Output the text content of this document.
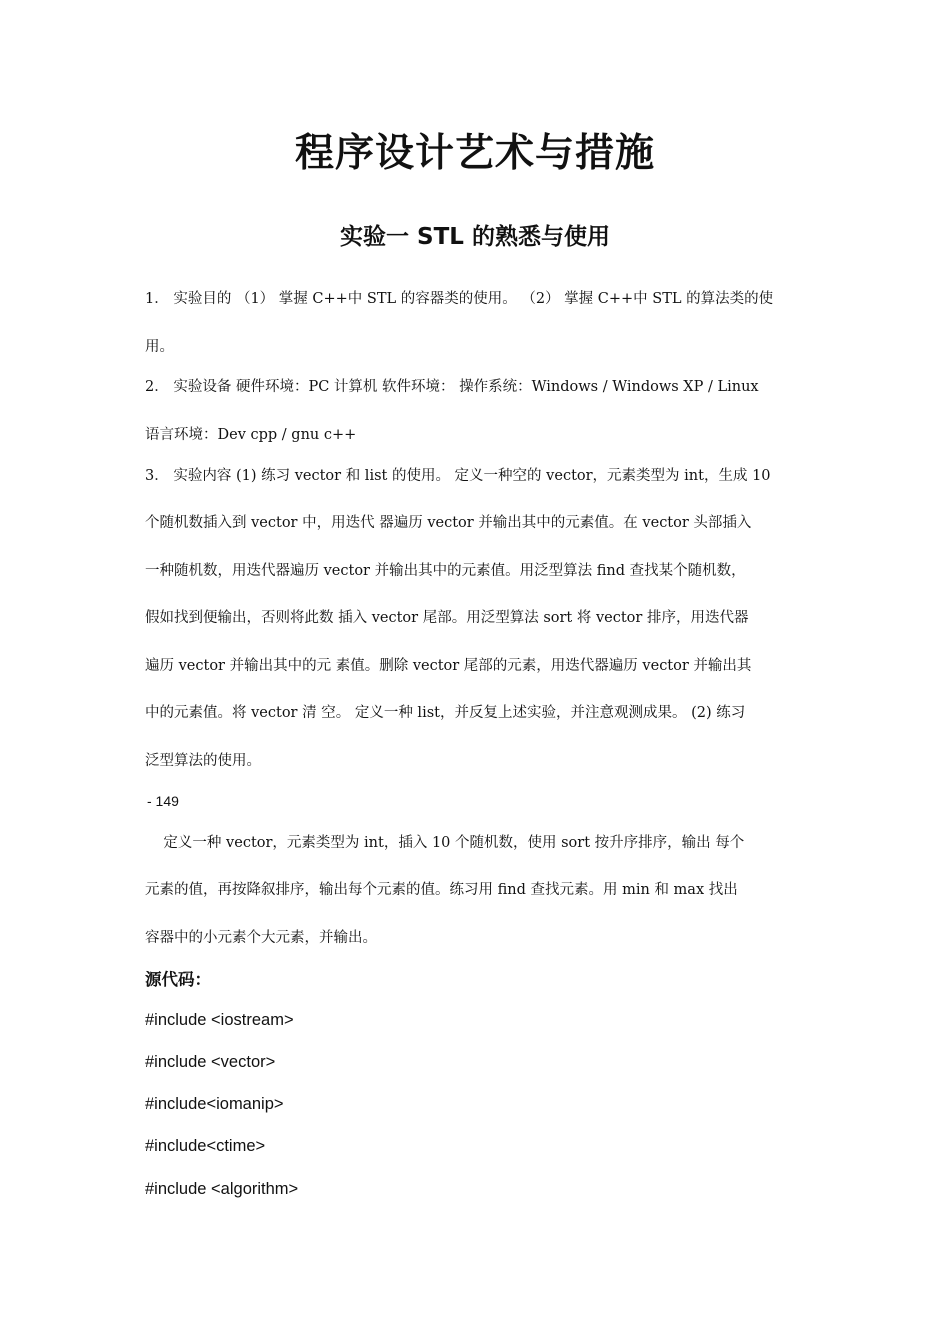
程序设计艺术与措施
实验一 STL 的熟悉与使用

1． 实验目的 （1） 掌握 C++中 STL 的容器类的使用。 （2） 掌握 C++中 STL 的算法类的使

用。

2． 实验设备 硬件环境：PC 计算机 软件环境： 操作系统：Windows / Windows XP / Linux

语言环境：Dev cpp / gnu c++

3． 实验内容 (1) 练习 vector 和 list 的使用。 定义一种空的 vector，元素类型为 int，生成 10

个随机数插入到 vector 中，用迭代 器遍历 vector 并输出其中的元素值。在 vector 头部插入

一种随机数，用迭代器遍历 vector 并输出其中的元素值。用泛型算法 find 查找某个随机数，

假如找到便输出，否则将此数 插入 vector 尾部。用泛型算法 sort 将 vector 排序，用迭代器

遍历 vector 并输出其中的元 素值。删除 vector 尾部的元素，用迭代器遍历 vector 并输出其

中的元素值。将 vector 清 空。 定义一种 list，并反复上述实验，并注意观测成果。 (2) 练习

泛型算法的使用。

- 149

定义一种 vector，元素类型为 int，插入 10 个随机数，使用 sort 按升序排序，输出 每个

元素的值，再按降叙排序，输出每个元素的值。练习用 find 查找元素。用 min 和 max 找出

容器中的小元素个大元素，并输出。

源代码：

#include <iostream>

#include <vector>

#include<iomanip>

#include<ctime>

#include <algorithm>
